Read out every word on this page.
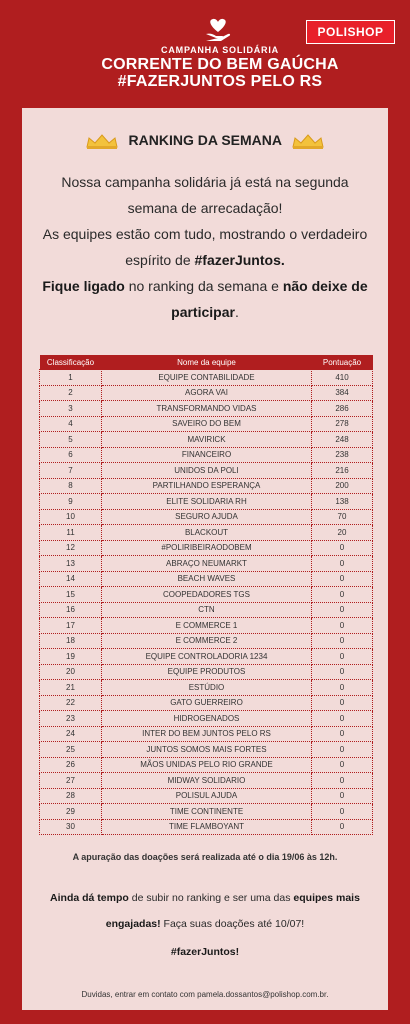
CAMPANHA SOLIDÁRIA
CORRENTE DO BEM GAÚCHA
#FAZERJUNTOS PELO RS
POLISHOP
RANKING DA SEMANA
Nossa campanha solidária já está na segunda
semana de arrecadação!
As equipes estão com tudo, mostrando o verdadeiro
espírito de #fazerJuntos.
Fique ligado no ranking da semana e não deixe de
participar.
Classificação	Nome da equipe	Pontuação
1	EQUIPE CONTABILIDADE	410
2	AGORA VAI	384
3	TRANSFORMANDO VIDAS	286
4	SAVEIRO DO BEM	278
5	MAVIRICK	248
6	FINANCEIRO	238
7	UNIDOS DA POLI	216
8	PARTILHANDO ESPERANÇA	200
9	ELITE SOLIDARIA RH	138
10	SEGURO AJUDA	70
11	BLACKOUT	20
12	#POLIRIBEIRAODOBEM	0
13	ABRAÇO NEUMARKT	0
14	BEACH WAVES	0
15	COOPEDADORES TGS	0
16	CTN	0
17	E COMMERCE 1	0
18	E COMMERCE 2	0
19	EQUIPE CONTROLADORIA 1234	0
20	EQUIPE PRODUTOS	0
21	ESTÚDIO	0
22	GATO GUERREIRO	0
23	HIDROGENADOS	0
24	INTER DO BEM JUNTOS PELO RS	0
25	JUNTOS SOMOS MAIS FORTES	0
26	MÃOS UNIDAS PELO RIO GRANDE	0
27	MIDWAY SOLIDARIO	0
28	POLISUL AJUDA	0
29	TIME CONTINENTE	0
30	TIME FLAMBOYANT	0
A apuração das doações será realizada até o dia 19/06 às 12h.
Ainda dá tempo de subir no ranking e ser uma das equipes mais engajadas! Faça suas doações até 10/07!
#fazerJuntos!
Duvidas, entrar em contato com pamela.dossantos@polishop.com.br.
